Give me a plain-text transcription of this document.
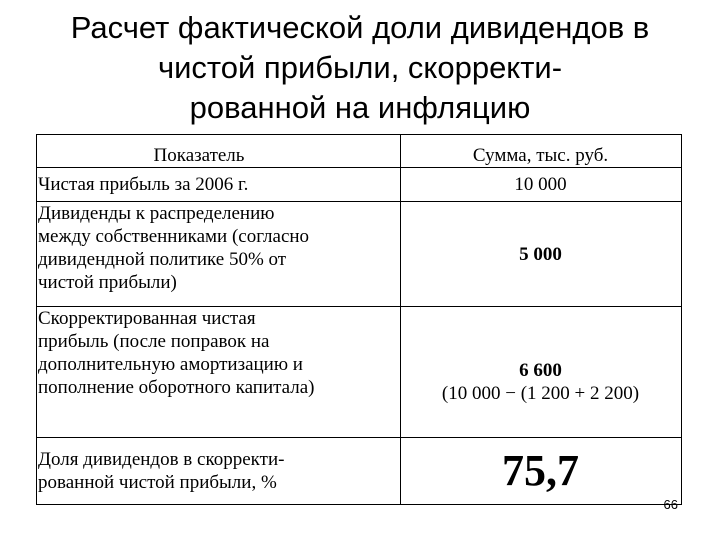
Расчет фактической доли дивидендов в
чистой прибыли, скорректи-
рованной на инфляцию
Показатель	Сумма, тыс. руб.

Чистая прибыль за 2006 г.	10 000

Дивиденды к распределению
между собственниками (согласно
дивидендной политике 50% от
чистой прибыли)	5 000

Скорректированная чистая
прибыль (после поправок на
дополнительную амортизацию и
пополнение оборотного капитала)	6 600
(10 000 − (1 200 + 2 200)

Доля дивидендов в скорректи-
рованной чистой прибыли, %	75,7
66
